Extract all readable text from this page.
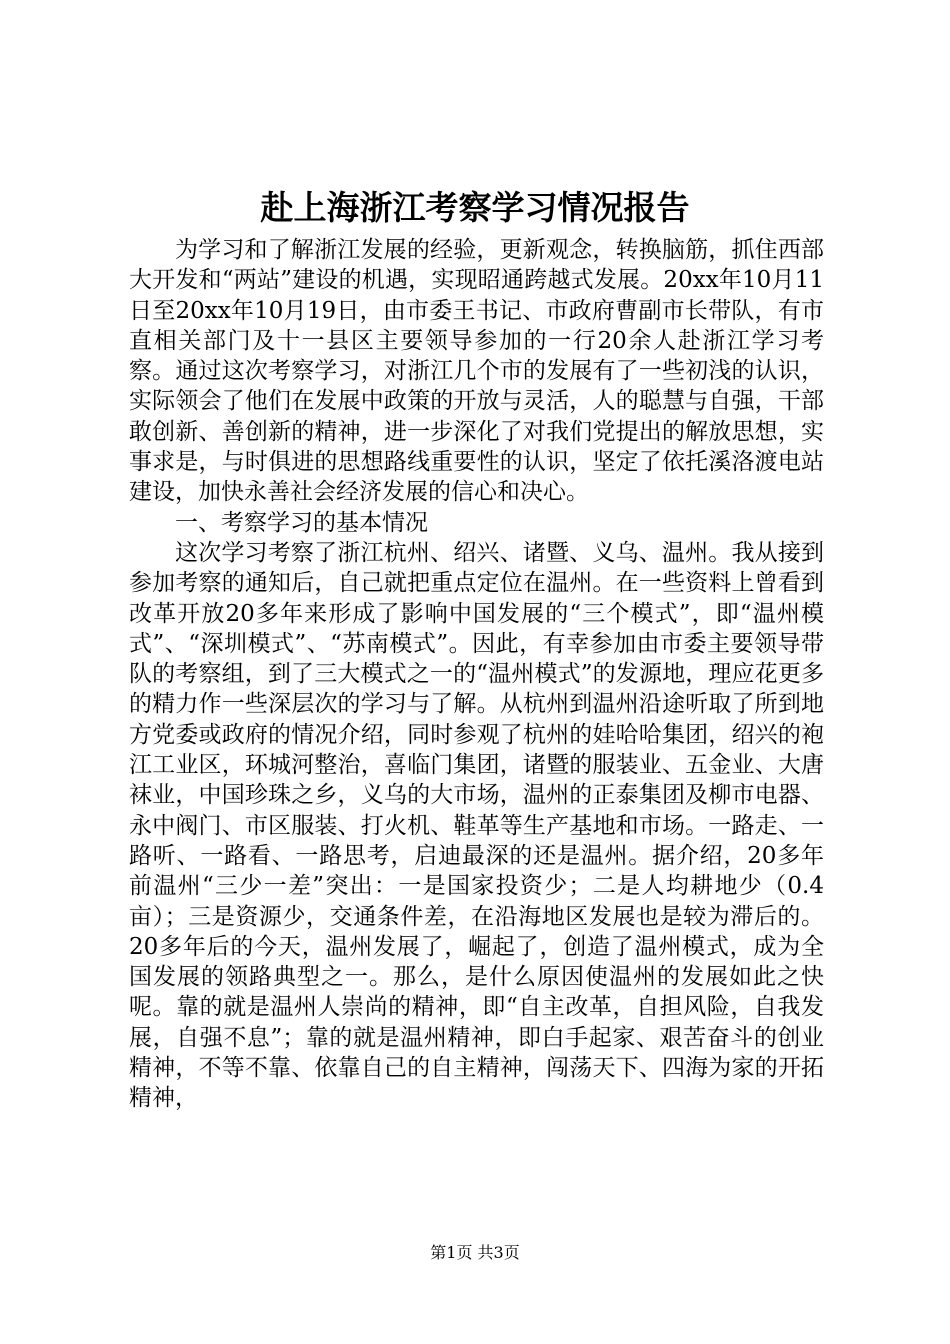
赴上海浙江考察学习情况报告

为学习和了解浙江发展的经验，更新观念，转换脑筋，抓住西部大开发和“两站”建设的机遇，实现昭通跨越式发展。20xx年10月11日至20xx年10月19日，由市委王书记、市政府曹副市长带队，有市直相关部门及十一县区主要领导参加的一行20余人赴浙江学习考察。通过这次考察学习，对浙江几个市的发展有了一些初浅的认识，实际领会了他们在发展中政策的开放与灵活，人的聪慧与自强，干部敢创新、善创新的精神，进一步深化了对我们党提出的解放思想，实事求是，与时俱进的思想路线重要性的认识，坚定了依托溪洛渡电站建设，加快永善社会经济发展的信心和决心。

一、考察学习的基本情况

这次学习考察了浙江杭州、绍兴、诸暨、义乌、温州。我从接到参加考察的通知后，自己就把重点定位在温州。在一些资料上曾看到改革开放20多年来形成了影响中国发展的“三个模式”，即“温州模式”、“深圳模式”、“苏南模式”。因此，有幸参加由市委主要领导带队的考察组，到了三大模式之一的“温州模式”的发源地，理应花更多的精力作一些深层次的学习与了解。从杭州到温州沿途听取了所到地方党委或政府的情况介绍，同时参观了杭州的娃哈哈集团，绍兴的袍江工业区，环城河整治，喜临门集团，诸暨的服装业、五金业、大唐袜业，中国珍珠之乡，义乌的大市场，温州的正泰集团及柳市电器、永中阀门、市区服装、打火机、鞋革等生产基地和市场。一路走、一路听、一路看、一路思考，启迪最深的还是温州。据介绍，20多年前温州“三少一差”突出：一是国家投资少；二是人均耕地少（0.4亩）；三是资源少，交通条件差，在沿海地区发展也是较为滞后的。20多年后的今天，温州发展了，崛起了，创造了温州模式，成为全国发展的领路典型之一。那么，是什么原因使温州的发展如此之快呢。靠的就是温州人崇尚的精神，即“自主改革，自担风险，自我发展，自强不息”；靠的就是温州精神，即白手起家、艰苦奋斗的创业精神，不等不靠、依靠自己的自主精神，闯荡天下、四海为家的开拓精神，

第1页 共3页
